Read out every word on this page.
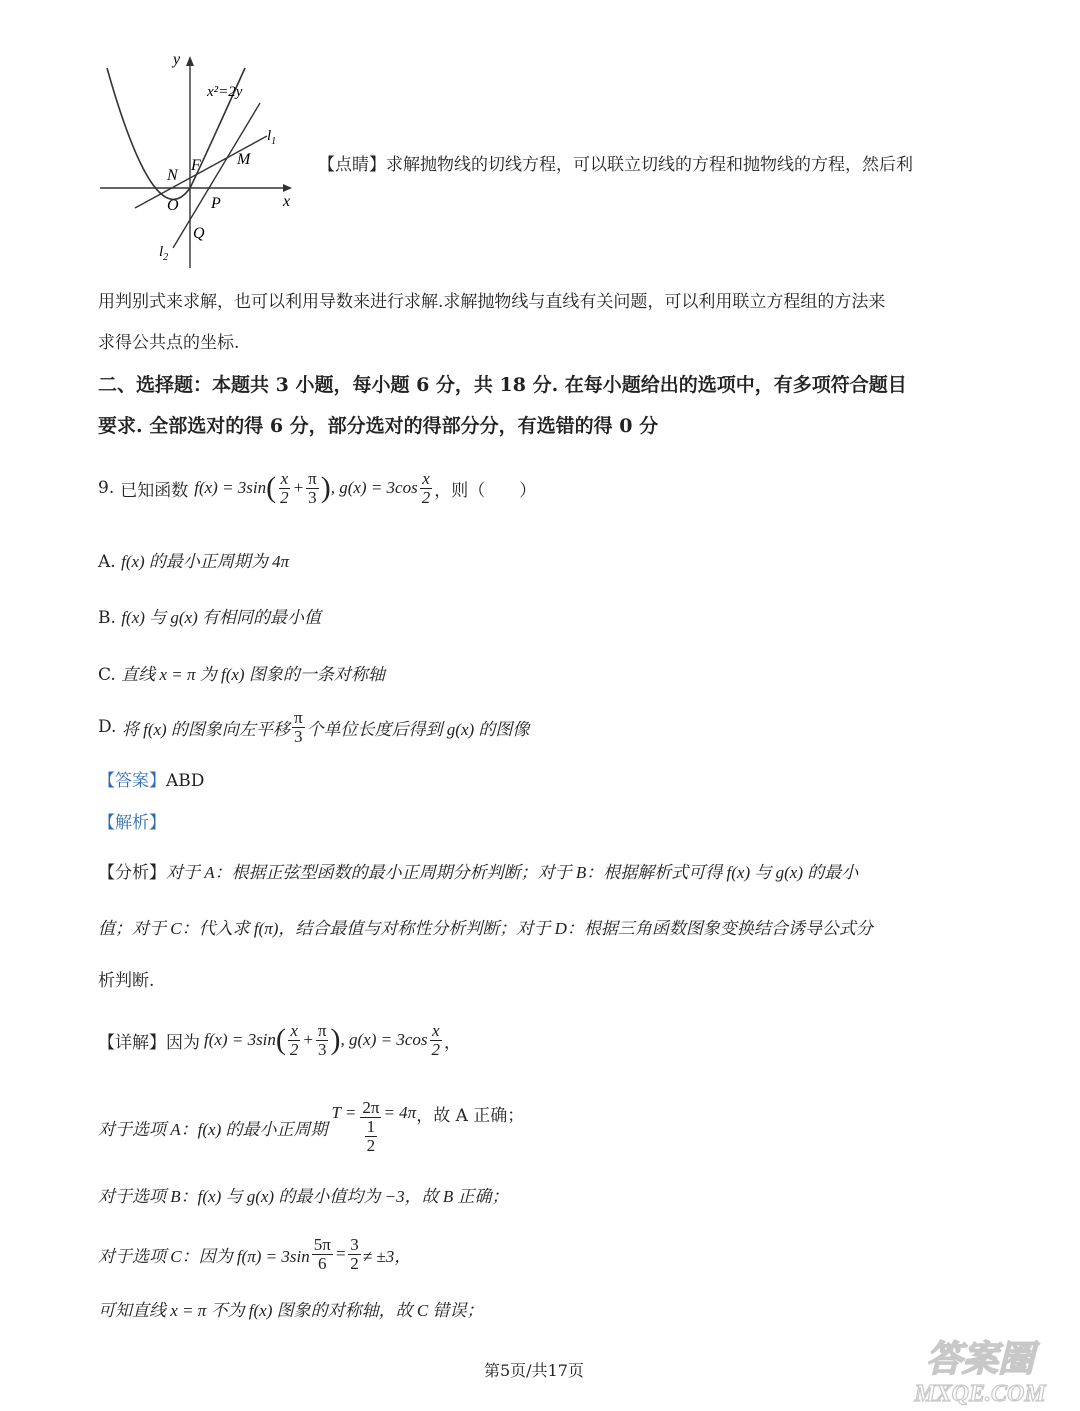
y
x²=2y
$l_1$
M
F
N
O P	x
Q
$l_2$
【点睛】求解抛物线的切线方程，可以联立切线的方程和抛物线的方程，然后利
用判别式来求解，也可以利用导数来进行求解.求解抛物线与直线有关问题，可以利用联立方程组的方法来
求得公共点的坐标.
二、选择题：本题共 3 小题，每小题 6 分，共 18 分. 在每小题给出的选项中，有多项符合题目
要求. 全部选对的得 6 分，部分选对的得部分分，有选错的得 0 分
9. 已知函数 f(x) = 3sin ( $\frac{x}{2} + \frac{\pi}{3}$ ) , $g(x) = 3\cos \frac{x}{2}$ ，则（　　）
A. f(x) 的最小正周期为 4π
B. f(x) 与 g(x) 有相同的最小值
C. 直线 x = π 为 f(x) 图象的一条对称轴
D.
将 f(x) 的图象向左平移 $\frac{\pi}{3}$ 个单位长度后得到 g(x) 的图像
【答案】ABD
【解析】
【分析】对于 A：根据正弦型函数的最小正周期分析判断；对于 B：根据解析式可得 f(x) 与 g(x) 的最小
值；对于 C：代入求 f(π)，结合最值与对称性分析判断；对于 D：根据三角函数图象变换结合诱导公式分
析判断.
【详解】 因为 f(x) = 3sin ( $\frac{x}{2} + \frac{\pi}{3}$ ) , $g(x) = 3\cos \frac{x}{2}$ ，
对于选项 A：f(x) 的最小正周期
$T = \frac{2\pi}{\frac{1}{2}} = 4\pi$ ，故 A 正确；
对于选项 B：f(x) 与 g(x) 的最小值均为 −3，故 B 正确；
对于选项 C：因为 $f(\pi) = 3\sin \frac{5\pi}{6} = \frac{3}{2} \ne \pm 3$，
可知直线 x = π 不为 f(x) 图象的对称轴，故 C 错误；
第5页/共17页	答案圈
MXQE.COM
